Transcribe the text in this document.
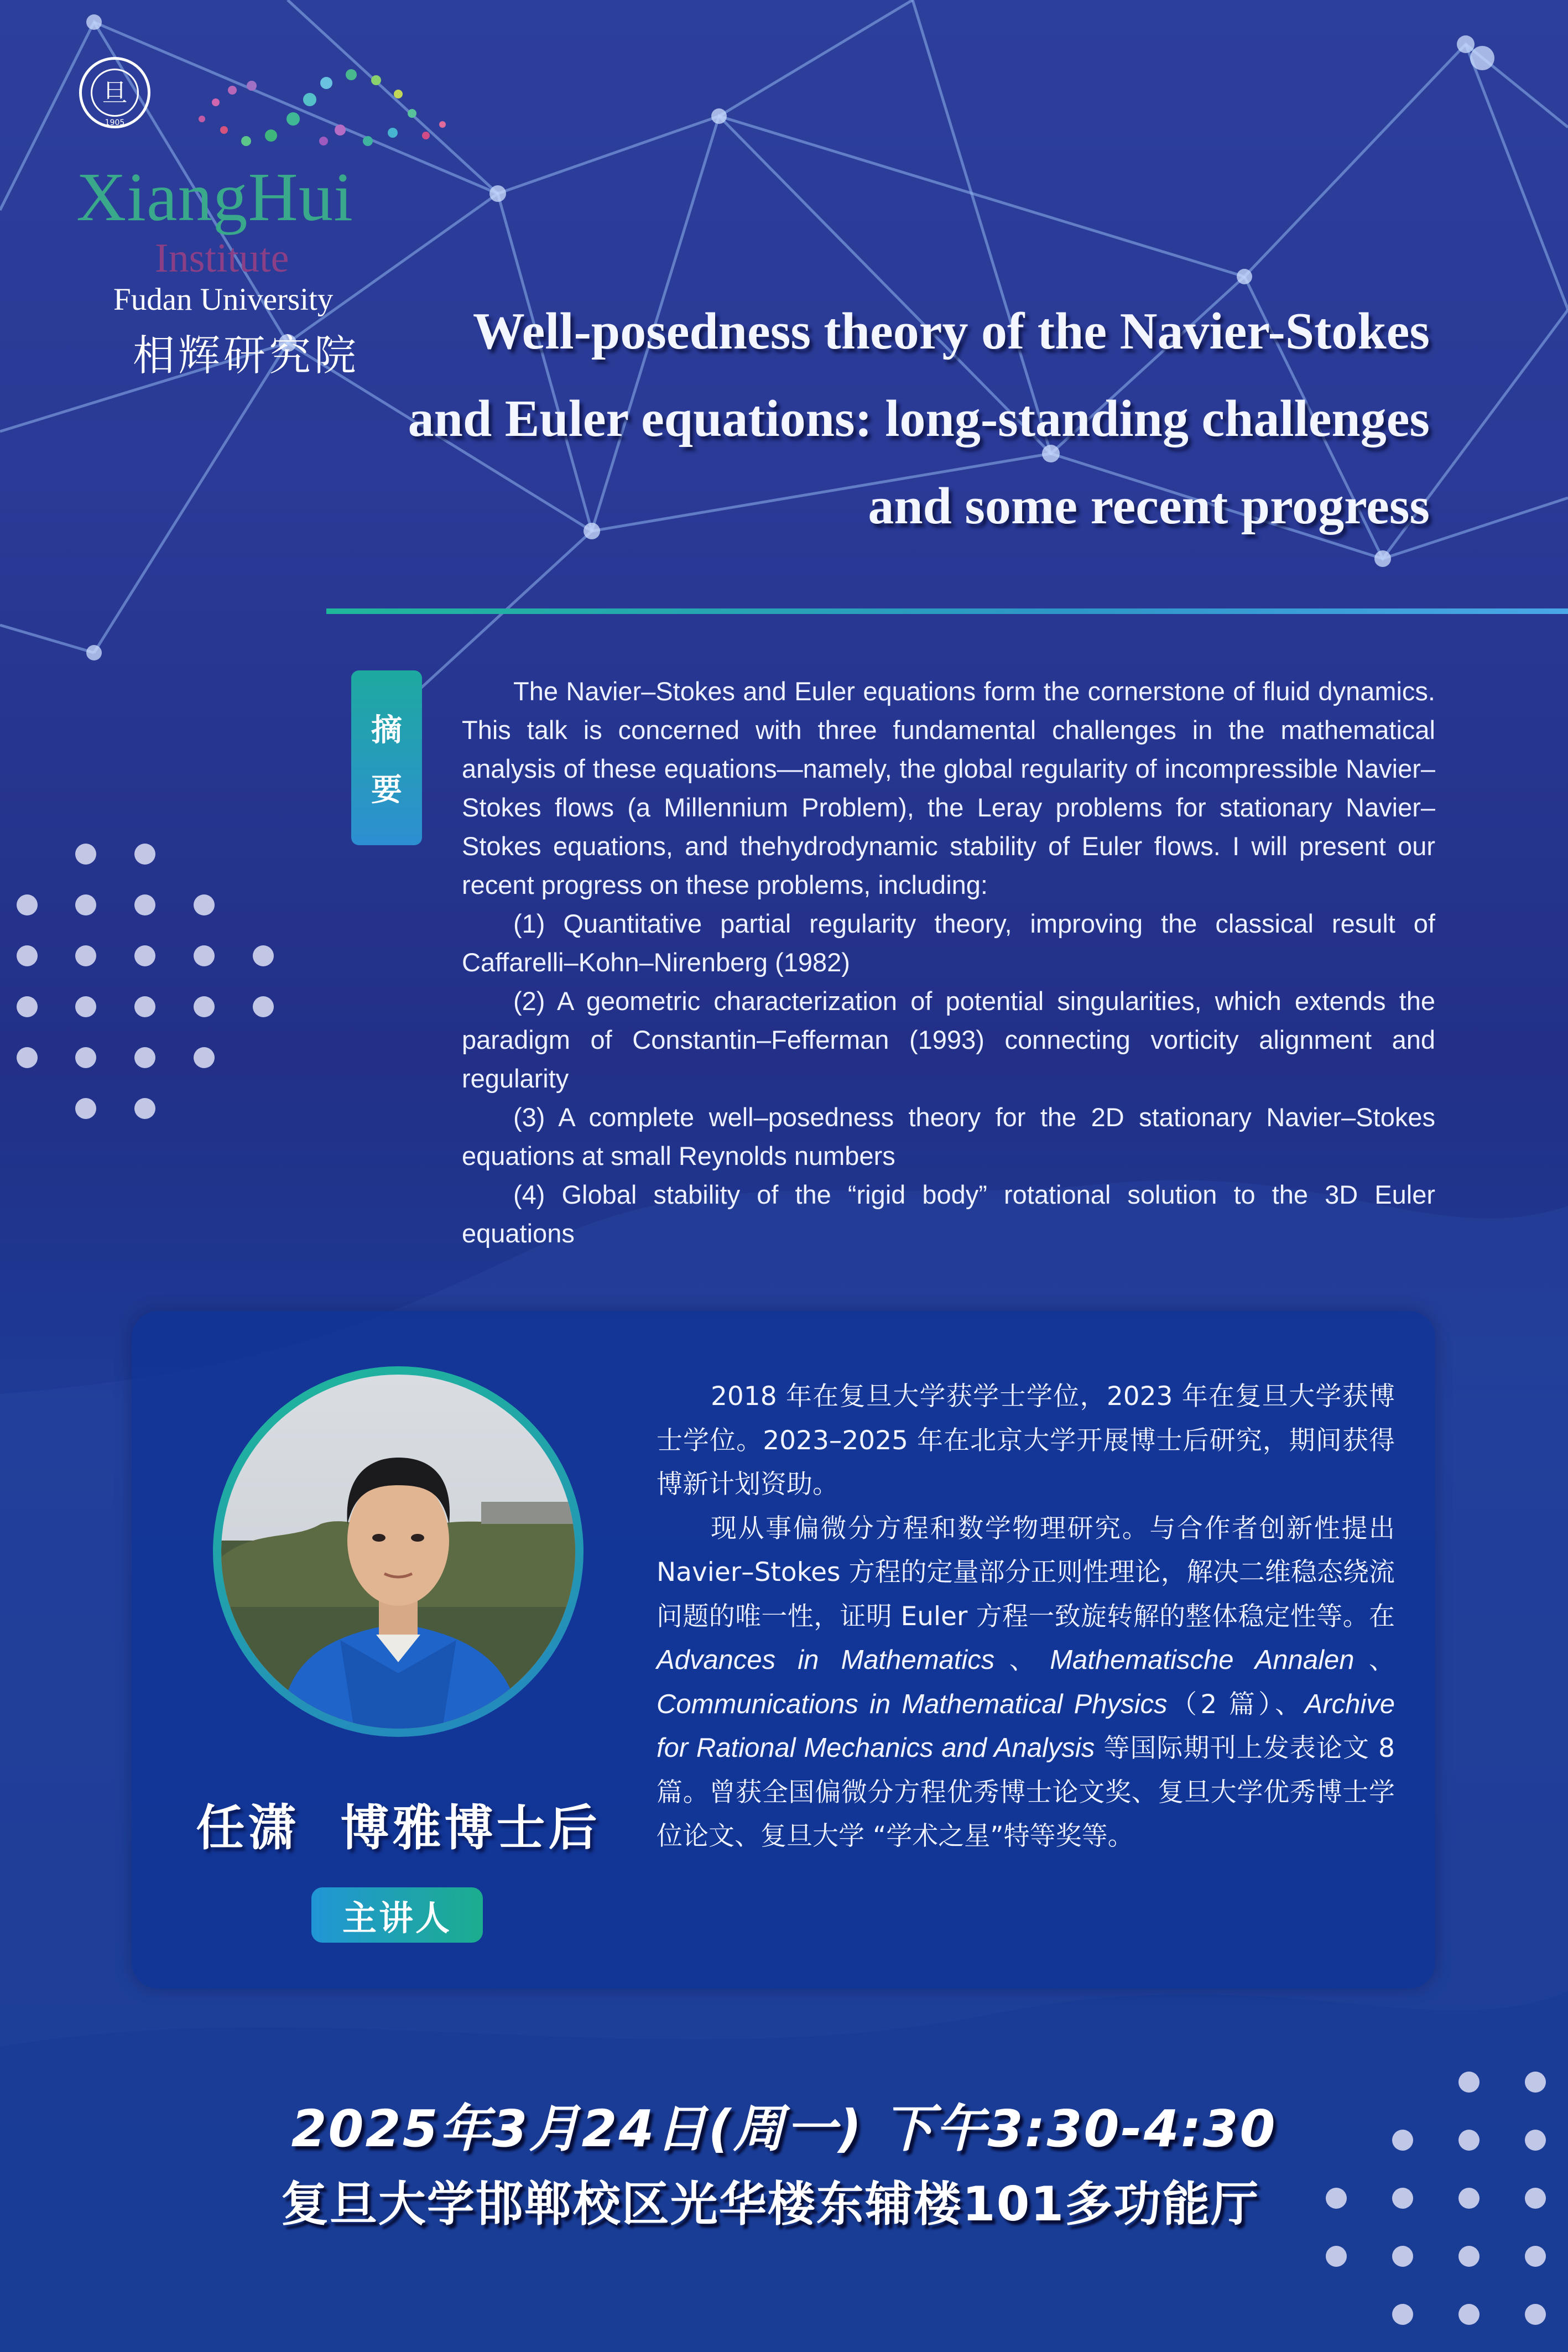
旦
1905
XiangHui
Institute
Fudan University
相辉研究院	Well-posedness theory of the Navier-Stokes
and Euler equations: long-standing challenges
and some recent progress
摘
要

The Navier–Stokes and Euler equations form the cornerstone of fluid dynamics. This talk is concerned with three fundamental challenges in the mathematical analysis of these equations—namely, the global regularity of incompressible Navier–Stokes flows (a Millennium Problem), the Leray problems for stationary Navier–Stokes equations, and thehydrodynamic stability of Euler flows. I will present our recent progress on these problems, including:

(1) Quantitative partial regularity theory, improving the classical result of Caffarelli–Kohn–Nirenberg (1982)

(2) A geometric characterization of potential singularities, which extends the paradigm of Constantin–Fefferman (1993) connecting vorticity alignment and regularity

(3) A complete well–posedness theory for the 2D stationary Navier–Stokes equations at small Reynolds numbers

(4) Global stability of the “rigid body” rotational solution to the 3D Euler equations

任潇  博雅博士后
主讲人

2018 年在复旦大学获学士学位，2023 年在复旦大学获博士学位。2023–2025 年在北京大学开展博士后研究，期间获得博新计划资助。

现从事偏微分方程和数学物理研究。与合作者创新性提出 Navier–Stokes 方程的定量部分正则性理论，解决二维稳态绕流问题的唯一性，证明 Euler 方程一致旋转解的整体稳定性等。在 Advances in Mathematics、Mathematische Annalen、Communications in Mathematical Physics（2 篇）、Archive for Rational Mechanics and Analysis 等国际期刊上发表论文 8 篇。曾获全国偏微分方程优秀博士论文奖、复旦大学优秀博士学位论文、复旦大学 “学术之星”特等奖等。

2025年3月24日(周一) 下午3:30-4:30
复旦大学邯郸校区光华楼东辅楼101多功能厅
